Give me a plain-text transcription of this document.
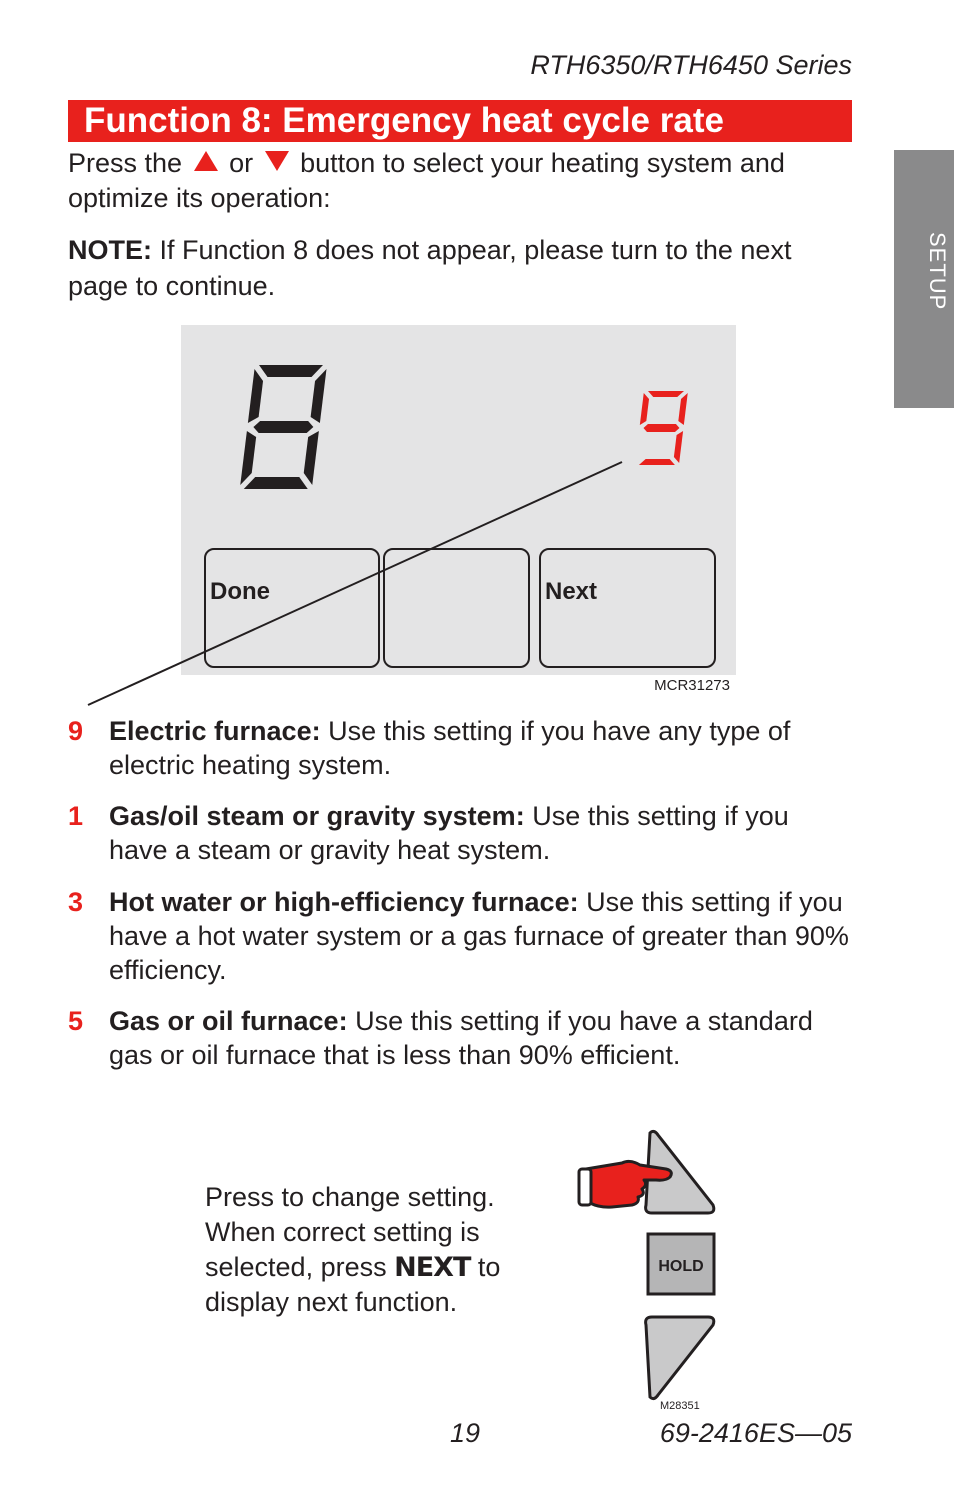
RTH6350/RTH6450 Series
Function 8: Emergency heat cycle rate
Press the or button to select your heating system and optimize its operation:
NOTE: If Function 8 does not appear, please turn to the next page to continue.	SETUP
Done	Next
MCR31273
9 Electric furnace: Use this setting if you have any type of electric heating system.
1 Gas/oil steam or gravity system: Use this setting if you have a steam or gravity heat system.
3 Hot water or high-efficiency furnace: Use this setting if you have a hot water system or a gas furnace of greater than 90% efficiency.
5 Gas or oil furnace: Use this setting if you have a standard gas or oil furnace that is less than 90% efficient.
Press to change setting. When correct setting is selected, press NEXT to display next function.
HOLD
M28351
19	69-2416ES—05
